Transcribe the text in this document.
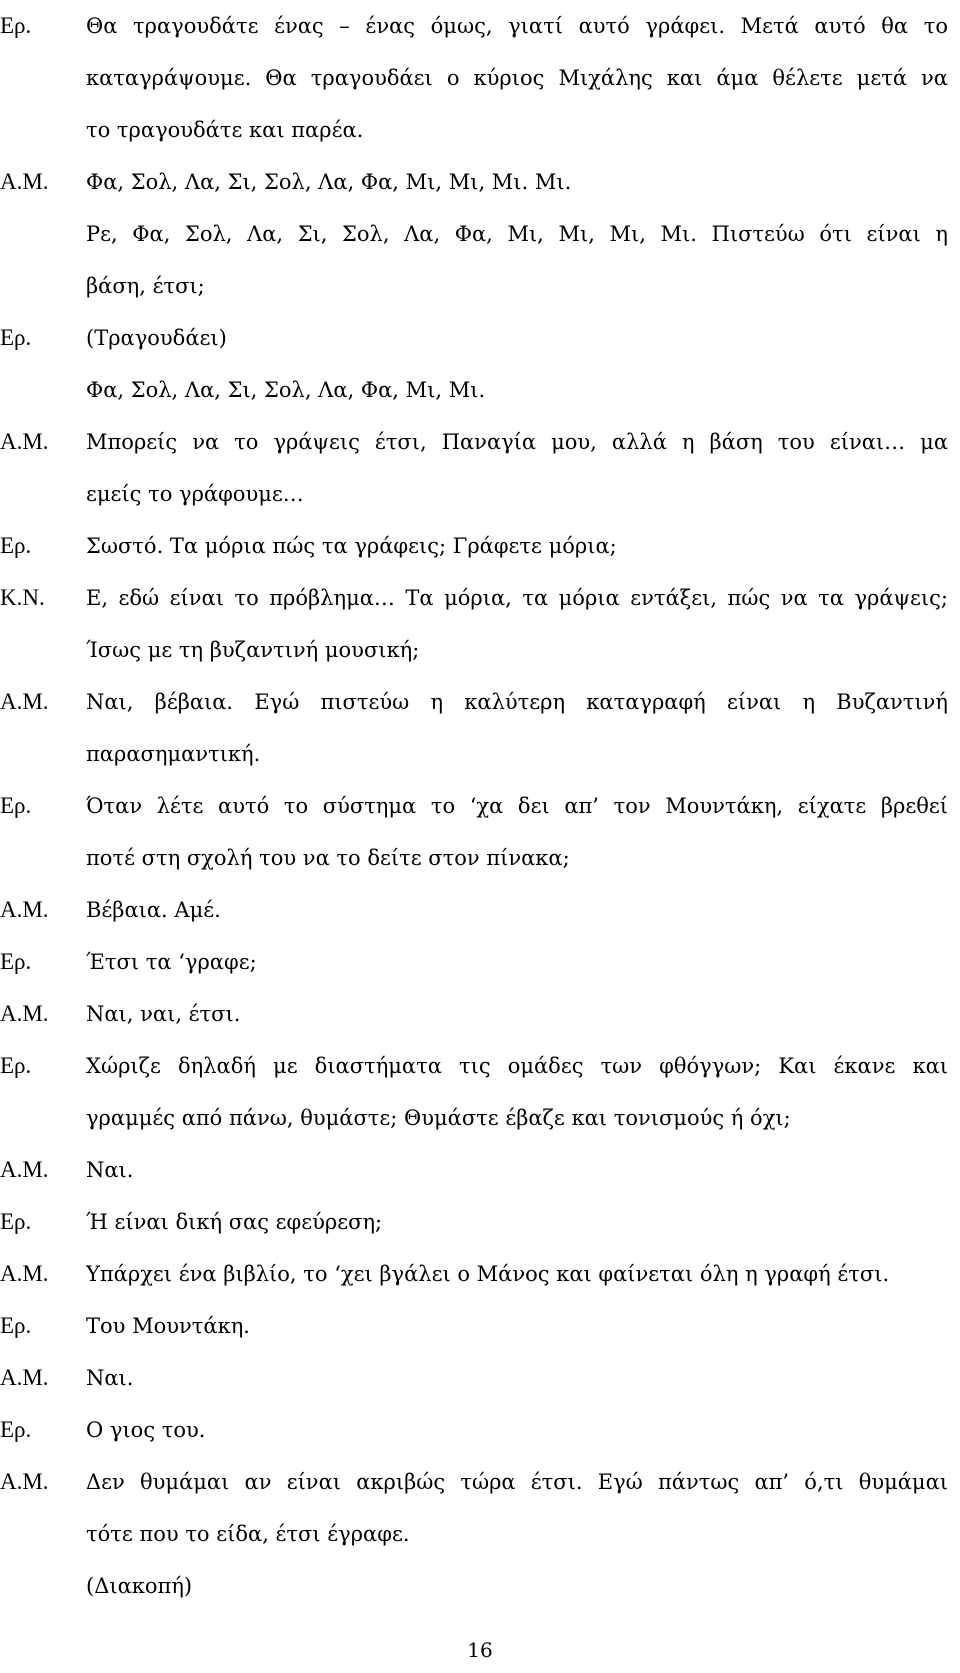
Ερ.	Θα τραγουδάτε ένας – ένας όμως, γιατί αυτό γράφει. Μετά αυτό θα το
καταγράψουμε. Θα τραγουδάει ο κύριος Μιχάλης και άμα θέλετε μετά να
το τραγουδάτε και παρέα.
Α.Μ.	Φα, Σολ, Λα, Σι, Σολ, Λα, Φα, Μι, Μι, Μι. Μι.
Ρε, Φα, Σολ, Λα, Σι, Σολ, Λα, Φα, Μι, Μι, Μι, Μι. Πιστεύω ότι είναι η
βάση, έτσι;
Ερ.	(Τραγουδάει)
Φα, Σολ, Λα, Σι, Σολ, Λα, Φα, Μι, Μι.
Α.Μ.	Μπορείς να το γράψεις έτσι, Παναγία μου, αλλά η βάση του είναι… μα
εμείς το γράφουμε…
Ερ.	Σωστό. Τα μόρια πώς τα γράφεις; Γράφετε μόρια;
Κ.Ν.	Ε, εδώ είναι το πρόβλημα… Τα μόρια, τα μόρια εντάξει, πώς να τα γράψεις;
Ίσως με τη βυζαντινή μουσική;
Α.Μ.	Ναι, βέβαια. Εγώ πιστεύω η καλύτερη καταγραφή είναι η Βυζαντινή
παρασημαντική.
Ερ.	Όταν λέτε αυτό το σύστημα το ‘χα δει απ’ τον Μουντάκη, είχατε βρεθεί
ποτέ στη σχολή του να το δείτε στον πίνακα;
Α.Μ.	Βέβαια. Αμέ.
Ερ.	Έτσι τα ‘γραφε;
Α.Μ.	Ναι, ναι, έτσι.
Ερ.	Χώριζε δηλαδή με διαστήματα τις ομάδες των φθόγγων; Και έκανε και
γραμμές από πάνω, θυμάστε; Θυμάστε έβαζε και τονισμούς ή όχι;
Α.Μ.	Ναι.
Ερ.	Ή είναι δική σας εφεύρεση;
Α.Μ.	Υπάρχει ένα βιβλίο, το ‘χει βγάλει ο Μάνος και φαίνεται όλη η γραφή έτσι.
Ερ.	Του Μουντάκη.
Α.Μ.	Ναι.
Ερ.	Ο γιος του.
Α.Μ.	Δεν θυμάμαι αν είναι ακριβώς τώρα έτσι. Εγώ πάντως απ’ ό,τι θυμάμαι
τότε που το είδα, έτσι έγραφε.
(Διακοπή)
16
